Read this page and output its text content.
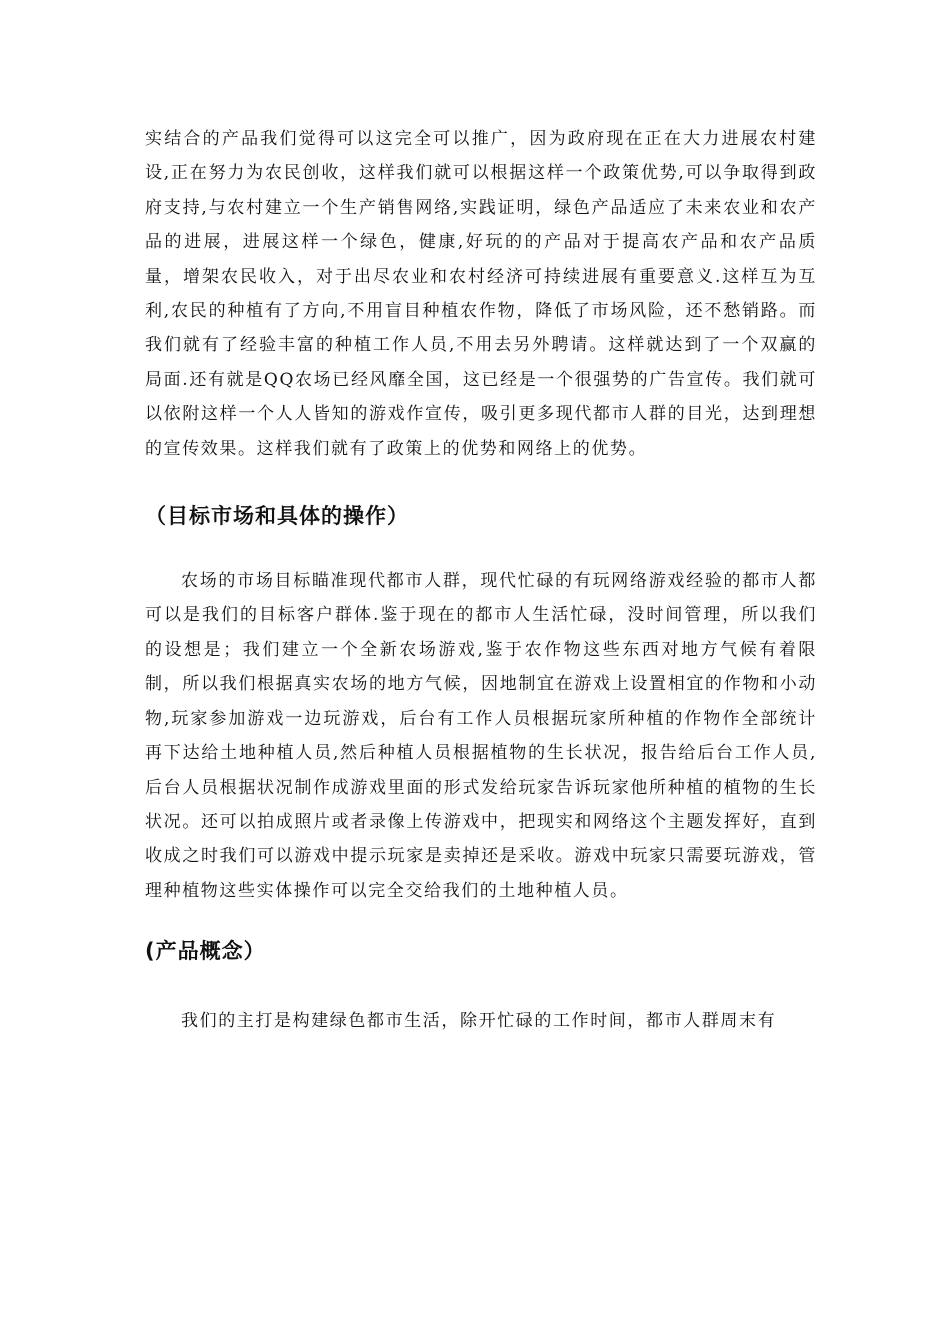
实结合的产品我们觉得可以这完全可以推广，因为政府现在正在大力进展农村建设,正在努力为农民创收，这样我们就可以根据这样一个政策优势,可以争取得到政府支持,与农村建立一个生产销售网络,实践证明，绿色产品适应了未来农业和农产品的进展，进展这样一个绿色，健康,好玩的的产品对于提高农产品和农产品质量，增架农民收入，对于出尽农业和农村经济可持续进展有重要意义.这样互为互利,农民的种植有了方向,不用盲目种植农作物，降低了市场风险，还不愁销路。而我们就有了经验丰富的种植工作人员,不用去另外聘请。这样就达到了一个双赢的局面.还有就是QQ农场已经风靡全国，这已经是一个很强势的广告宣传。我们就可以依附这样一个人人皆知的游戏作宣传，吸引更多现代都市人群的目光，达到理想的宣传效果。这样我们就有了政策上的优势和网络上的优势。

（目标市场和具体的操作）

农场的市场目标瞄准现代都市人群，现代忙碌的有玩网络游戏经验的都市人都可以是我们的目标客户群体.鉴于现在的都市人生活忙碌，没时间管理，所以我们的设想是；我们建立一个全新农场游戏,鉴于农作物这些东西对地方气候有着限制，所以我们根据真实农场的地方气候，因地制宜在游戏上设置相宜的作物和小动物,玩家参加游戏一边玩游戏，后台有工作人员根据玩家所种植的作物作全部统计再下达给土地种植人员,然后种植人员根据植物的生长状况，报告给后台工作人员,后台人员根据状况制作成游戏里面的形式发给玩家告诉玩家他所种植的植物的生长状况。还可以拍成照片或者录像上传游戏中，把现实和网络这个主题发挥好，直到收成之时我们可以游戏中提示玩家是卖掉还是采收。游戏中玩家只需要玩游戏，管理种植物这些实体操作可以完全交给我们的土地种植人员。

(产品概念）

我们的主打是构建绿色都市生活，除开忙碌的工作时间，都市人群周末有
